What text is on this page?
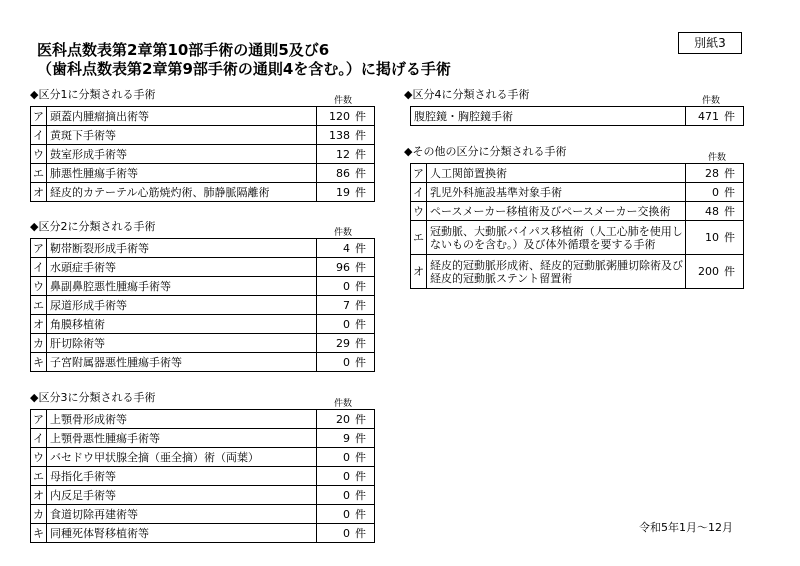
医科点数表第2章第10部手術の通則5及び6
（歯科点数表第2章第9部手術の通則4を含む。）に掲げる手術
別紙3
◆区分1に分類される手術	件数
ア	頭蓋内腫瘤摘出術等	120 件
イ	黄斑下手術等	138 件
ウ	鼓室形成手術等	12 件
エ	肺悪性腫瘍手術等	86 件
オ	経皮的カテーテル心筋焼灼術、肺静脈隔離術	19 件
◆区分2に分類される手術	件数
ア	靭帯断裂形成手術等	4 件
イ	水頭症手術等	96 件
ウ	鼻副鼻腔悪性腫瘍手術等	0 件
エ	尿道形成手術等	7 件
オ	角膜移植術	0 件
カ	肝切除術等	29 件
キ	子宮附属器悪性腫瘍手術等	0 件
◆区分3に分類される手術	件数
ア	上顎骨形成術等	20 件
イ	上顎骨悪性腫瘍手術等	9 件
ウ	バセドウ甲状腺全摘（亜全摘）術（両葉）	0 件
エ	母指化手術等	0 件
オ	内反足手術等	0 件
カ	食道切除再建術等	0 件
キ	同種死体腎移植術等	0 件
◆区分4に分類される手術	件数
腹腔鏡・胸腔鏡手術	471 件
◆その他の区分に分類される手術	件数
ア	人工関節置換術	28 件
イ	乳児外科施設基準対象手術	0 件
ウ	ペースメーカー移植術及びペースメーカー交換術	48 件
エ	冠動脈、大動脈バイパス移植術（人工心肺を使用しないものを含む。）及び体外循環を要する手術	10 件
オ	経皮的冠動脈形成術、経皮的冠動脈粥腫切除術及び経皮的冠動脈ステント留置術	200 件
令和5年1月～12月
